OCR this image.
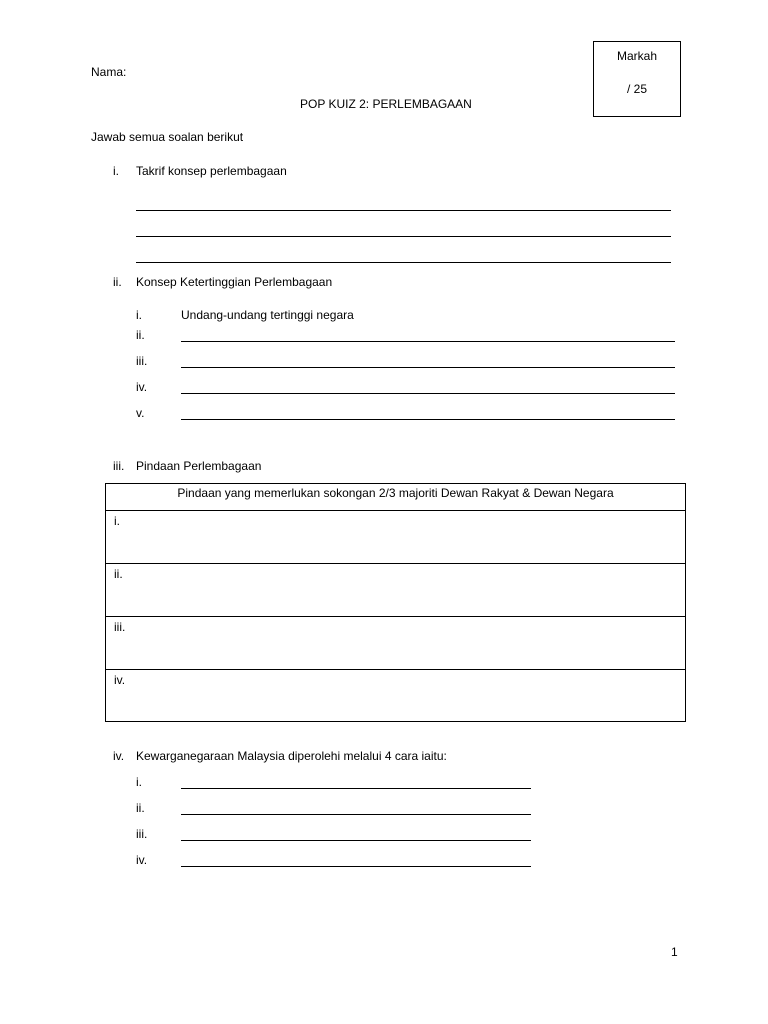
Nama:
Markah
/ 25
POP KUIZ 2: PERLEMBAGAAN
Jawab semua soalan berikut
i. Takrif konsep perlembagaan
ii. Konsep Ketertinggian Perlembagaan
i.	Undang-undang tertinggi negara
ii.
iii.
iv.
v.
iii. Pindaan Perlembagaan
Pindaan yang memerlukan sokongan 2/3 majoriti Dewan Rakyat & Dewan Negara
i.
ii.
iii.
iv.
iv. Kewarganegaraan Malaysia diperolehi melalui 4 cara iaitu:
i.
ii.
iii.
iv.
1
